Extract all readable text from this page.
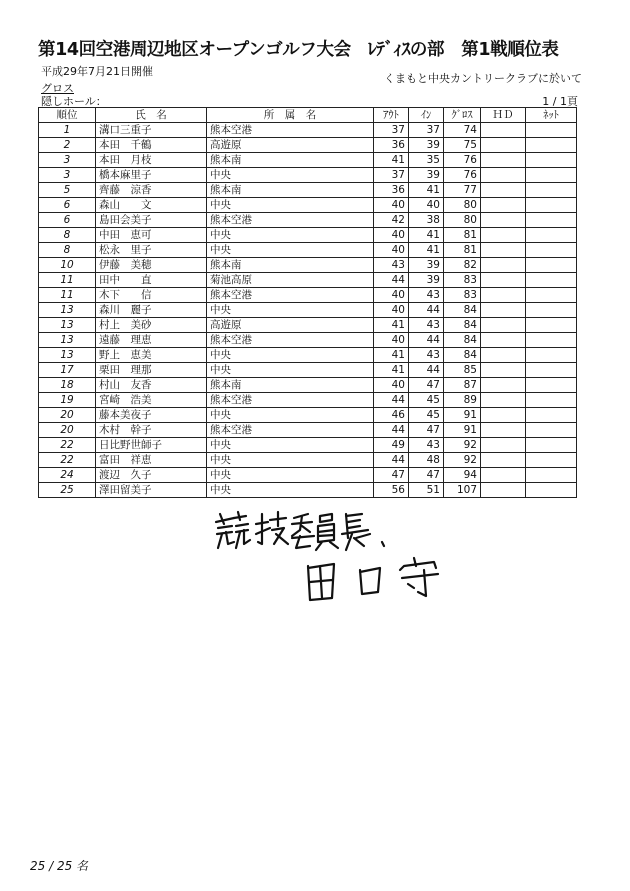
第14回空港周辺地区オープンゴルフ大会　ﾚﾃﾞｨｽの部　第1戦順位表
平成29年7月21日開催
くまもと中央カントリークラブに於いて
グロス
隠しホール：	1 / 1頁
順位	氏　名	所　属　名	ｱｳﾄ	ｲﾝ	ｸﾞﾛｽ	ＨＤ	ﾈｯﾄ
1	溝口三重子	熊本空港	37	37	74		
2	本田　千鶴	高遊原	36	39	75		
3	本田　月枝	熊本南	41	35	76		
3	橋本麻里子	中央	37	39	76		
5	齊藤　涼香	熊本南	36	41	77		
6	森山　　文	中央	40	40	80		
6	島田会美子	熊本空港	42	38	80		
8	中田　恵可	中央	40	41	81		
8	松永　里子	中央	40	41	81		
10	伊藤　美穂	熊本南	43	39	82		
11	田中　　直	菊池高原	44	39	83		
11	木下　　信	熊本空港	40	43	83		
13	森川　麗子	中央	40	44	84		
13	村上　美砂	高遊原	41	43	84		
13	遠藤　理恵	熊本空港	40	44	84		
13	野上　恵美	中央	41	43	84		
17	栗田　理那	中央	41	44	85		
18	村山　友香	熊本南	40	47	87		
19	宮崎　浩美	熊本空港	44	45	89		
20	藤本美夜子	中央	46	45	91		
20	木村　幹子	熊本空港	44	47	91		
22	日比野世師子	中央	49	43	92		
22	富田　祥恵	中央	44	48	92		
24	渡辺　久子	中央	47	47	94		
25	澤田留美子	中央	56	51	107		
25 / 25 名
